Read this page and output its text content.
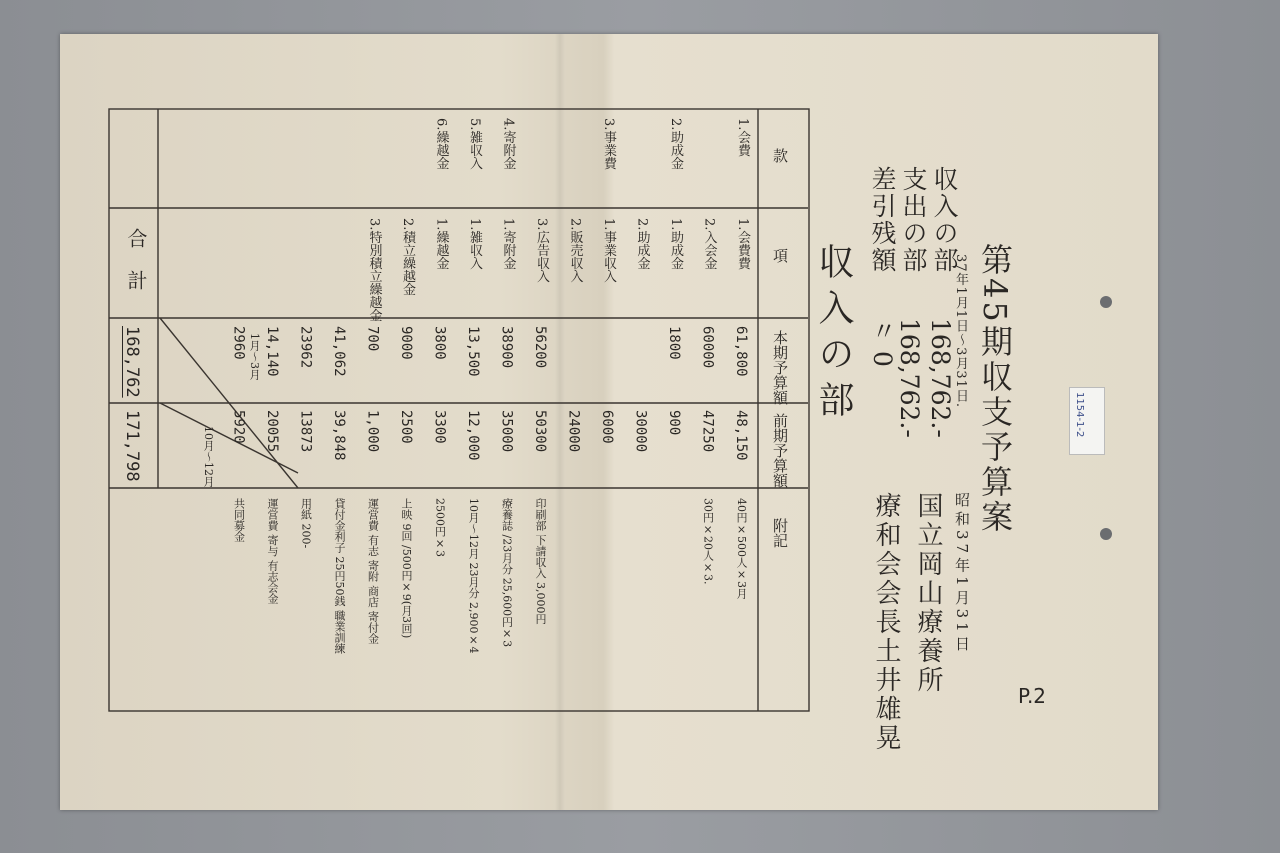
P.2
1154-1-2
第45期収支予算案
37年1月1日〜3月31日.
昭和37年1月31日
国立岡山療養所
療和会会長土井雄晃
収入の部
支出の部
差引残額
168,762.-
168,762.-
〃 0
収入の部
款
項
本期予算額
前期予算額
附記
合計
168,762
171,798
1月〜3月
10月〜12月
1.会費
1.会費費
61,800
48,150
40円×500人×3月
2.入会金
60000
47250
30円×20人×3.
2.助成金
1.助成金
1800
900
2.助成金
30000
3.事業費
1.事業収入
6000
2.販売収入
24000
3.広告収入
56200
50300
印刷部 下請収入 3,000円
4.寄附金
1.寄附金
38900
35000
療養誌 /23月分 25,600円×3
5.雑収入
1.雑収入
13,500
12,000
10月〜12月 23月分 2,900×4
6.繰越金
1.繰越金
3800
3300
2500円×3
2.積立繰越金
9000
2500
上映 9回 /500円×9(月3回)
3.特別積立繰越金
700
1,000
運営費 有志 寄附 商店 寄付金
41,062
39,848
貸付金利子 25円50銭 職業訓練
23962
13873
用紙 200-
14,140
20055
運営費 寄与 有志会金
2960
5920
共同募金
